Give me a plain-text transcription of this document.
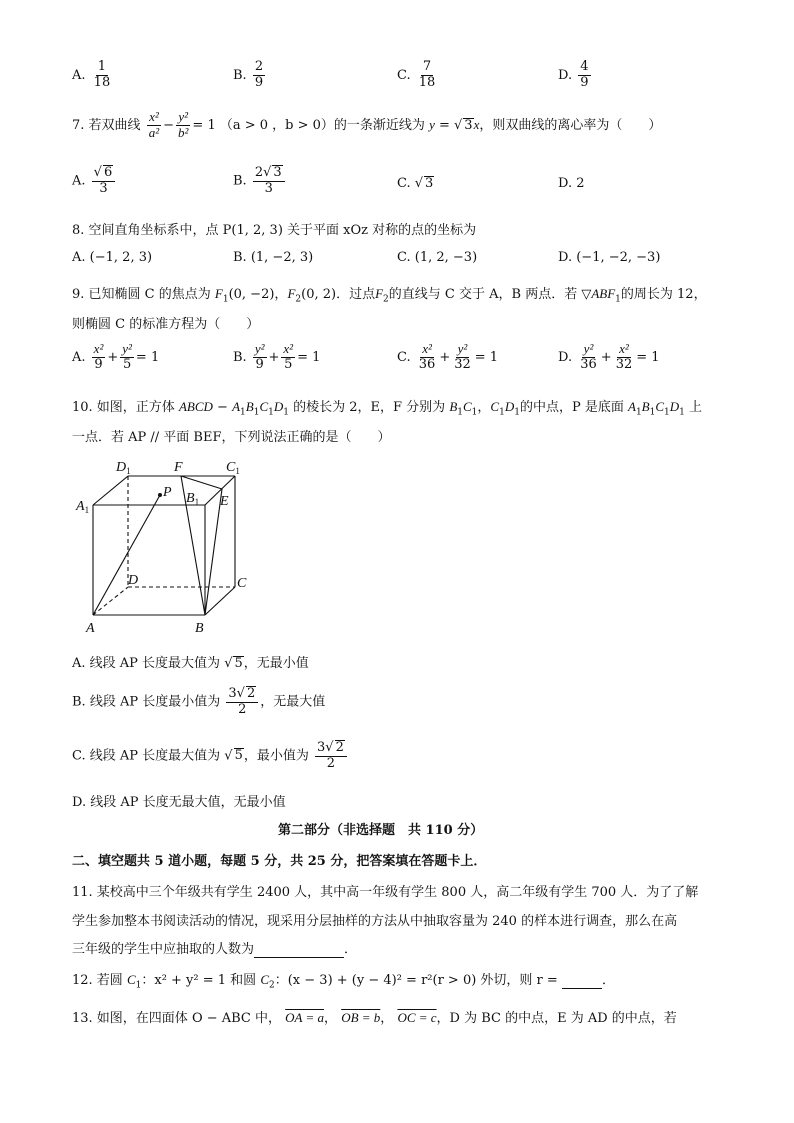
A. $\frac{1}{18}$	B. $\frac{2}{9}$	C. $\frac{7}{18}$	D. $\frac{4}{9}$
7. 若双曲线 $\frac{\text{x²}}{\text{a²}} - \frac{\text{y²}}{\text{b²}} = 1$ （a > 0 ，b > 0）的一条渐近线为 y = √ 3x，则双曲线的离心率为（　　）
A. $\frac{√ 6}{3}$	B. $\frac{2√ 3}{3}$	C. √ 3	D. 2
8. 空间直角坐标系中，点 P(1, 2, 3) 关于平面 xOz 对称的点的坐标为
A. (−1, 2, 3)	B. (1, −2, 3)	C. (1, 2, −3)	D. (−1, −2, −3)
9. 已知椭圆 C 的焦点为 $F_1(0$, −2)，$F_2(0$, 2)．过点$F_2$的直线与 C 交于 A，B 两点．若 $▽ABF_1$的周长为 12，
则椭圆 C 的标准方程为（　　）
A. $\frac{\text{x²}}{9} + \frac{\text{y²}}{5} = 1$	B. $\frac{\text{y²}}{9} + \frac{\text{x²}}{5} = 1$	C. $\frac{\text{x²}}{36} + \frac{\text{y²}}{32} = 1$	D. $\frac{\text{y²}}{36} + \frac{\text{x²}}{32} = 1$
10. 如图，正方体 ABCD − $A_1B_1C_1D_1$ 的棱长为 2，E，F 分别为 $B_1C_1$，$C_1D_1$的中点，P 是底面 $A_1B_1C_1D_1$ 上
一点．若 AP // 平面 BEF，下列说法正确的是（　　）
$D_1$	F	$C_1$
$A_1$
P $B_1$ E
D	C
A	B
A. 线段 AP 长度最大值为 √ 5，无最小值
B. 线段 AP 长度最小值为 $\frac{3√ 2}{2}$ ，无最大值
C. 线段 AP 长度最大值为 √ 5，最小值为 $\frac{3√ 2}{2}$
D. 线段 AP 长度无最大值，无最小值
第二部分（非选择题　共 110 分）
二、填空题共 5 道小题，每题 5 分，共 25 分，把答案填在答题卡上．
11. 某校高中三个年级共有学生 2400 人，其中高一年级有学生 800 人，高二年级有学生 700 人．为了了解
学生参加整本书阅读活动的情况，现采用分层抽样的方法从中抽取容量为 240 的样本进行调查，那么在高
三年级的学生中应抽取的人数为	．
12. 若圆 $C_1$：x² + y² = 1 和圆 $C_2$：(x − 3) + (y − 4)² = r²(r > 0) 外切，则 r =	．
13. 如图，在四面体 O − ABC 中， OA = a， OB = b， OC = c，D 为 BC 的中点，E 为 AD 的中点，若
